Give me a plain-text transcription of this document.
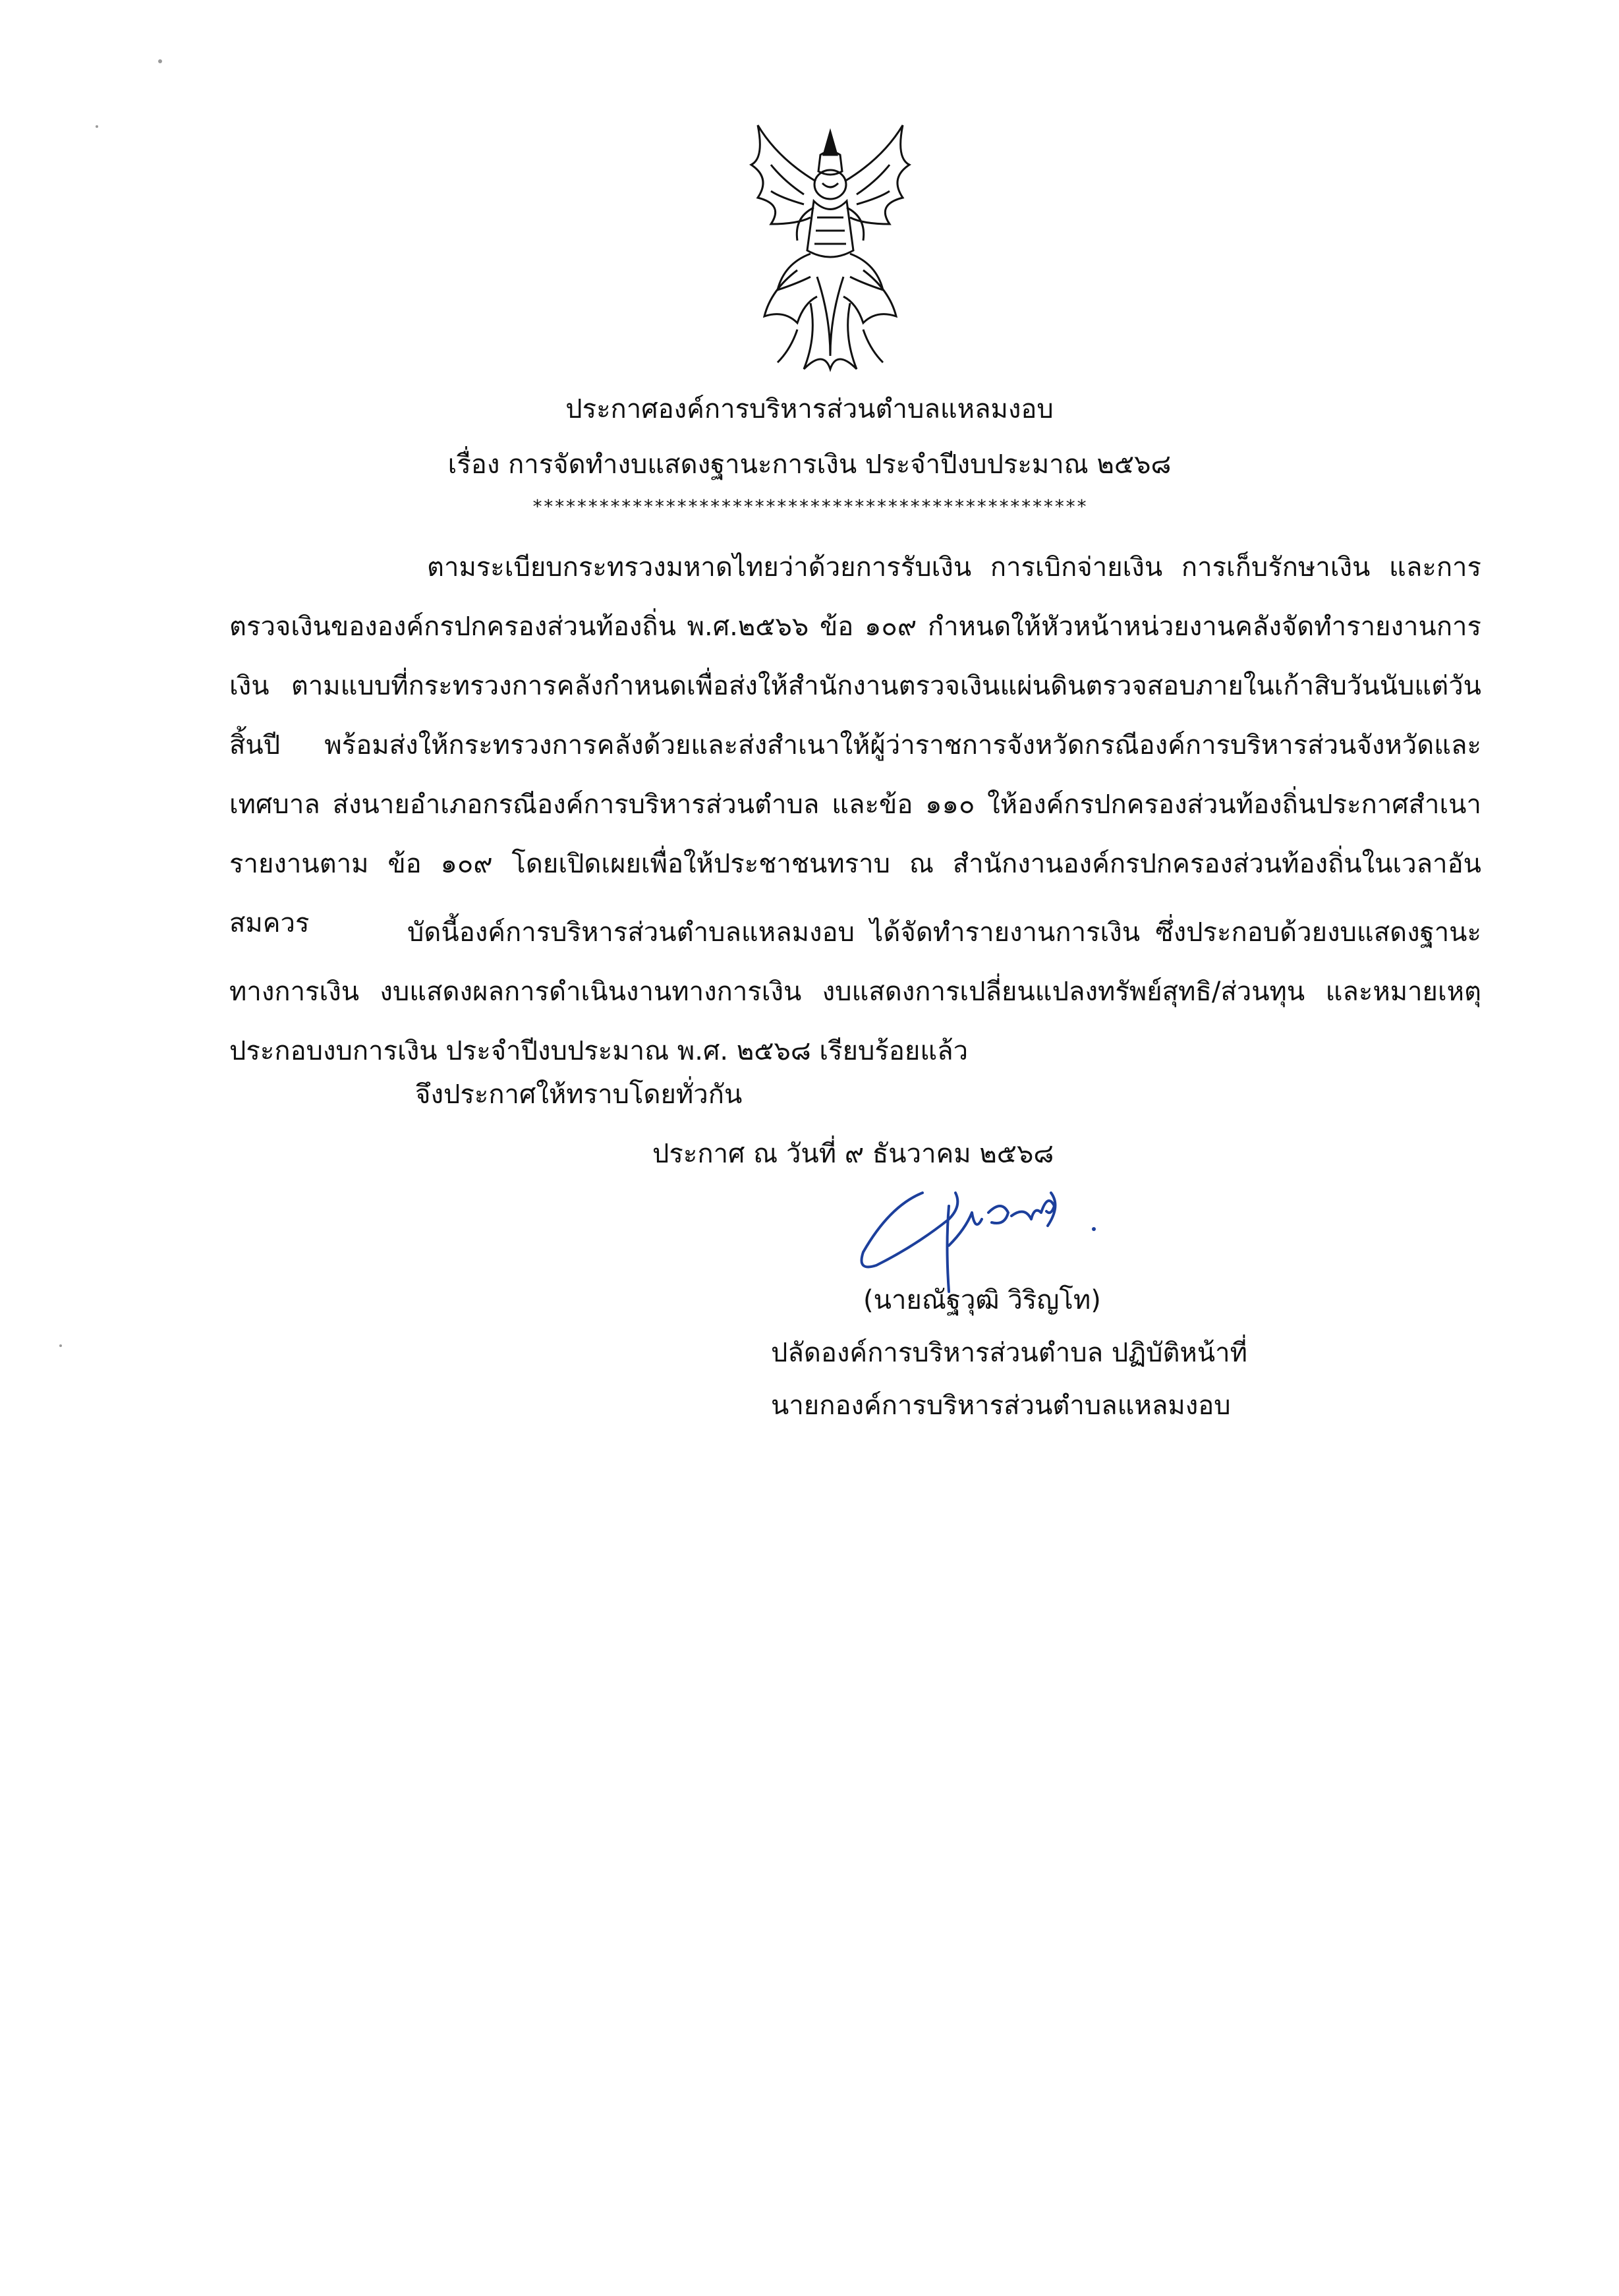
ประกาศองค์การบริหารส่วนตำบลแหลมงอบ
เรื่อง การจัดทำงบแสดงฐานะการเงิน ประจำปีงบประมาณ ๒๕๖๘
**************************************************
ตามระเบียบกระทรวงมหาดไทยว่าด้วยการรับเงิน การเบิกจ่ายเงิน การเก็บรักษาเงิน และการตรวจเงินขององค์กรปกครองส่วนท้องถิ่น พ.ศ.๒๕๖๖ ข้อ ๑๐๙ กำหนดให้หัวหน้าหน่วยงานคลังจัดทำรายงานการเงิน ตามแบบที่กระทรวงการคลังกำหนดเพื่อส่งให้สำนักงานตรวจเงินแผ่นดินตรวจสอบภายในเก้าสิบวันนับแต่วันสิ้นปี พร้อมส่งให้กระทรวงการคลังด้วยและส่งสำเนาให้ผู้ว่าราชการจังหวัดกรณีองค์การบริหารส่วนจังหวัดและเทศบาล ส่งนายอำเภอกรณีองค์การบริหารส่วนตำบล และข้อ ๑๑๐ ให้องค์กรปกครองส่วนท้องถิ่นประกาศสำเนารายงานตาม ข้อ ๑๐๙ โดยเปิดเผยเพื่อให้ประชาชนทราบ ณ สำนักงานองค์กรปกครองส่วนท้องถิ่นในเวลาอันสมควร	บัดนี้องค์การบริหารส่วนตำบลแหลมงอบ ได้จัดทำรายงานการเงิน ซึ่งประกอบด้วยงบแสดงฐานะทางการเงิน งบแสดงผลการดำเนินงานทางการเงิน งบแสดงการเปลี่ยนแปลงทรัพย์สุทธิ/ส่วนทุน และหมายเหตุประกอบงบการเงิน ประจำปีงบประมาณ พ.ศ. ๒๕๖๘ เรียบร้อยแล้ว
จึงประกาศให้ทราบโดยทั่วกัน
ประกาศ ณ วันที่ ๙ ธันวาคม ๒๕๖๘
(นายณัฐวุฒิ วิริญโท)
ปลัดองค์การบริหารส่วนตำบล ปฏิบัติหน้าที่
นายกองค์การบริหารส่วนตำบลแหลมงอบ
